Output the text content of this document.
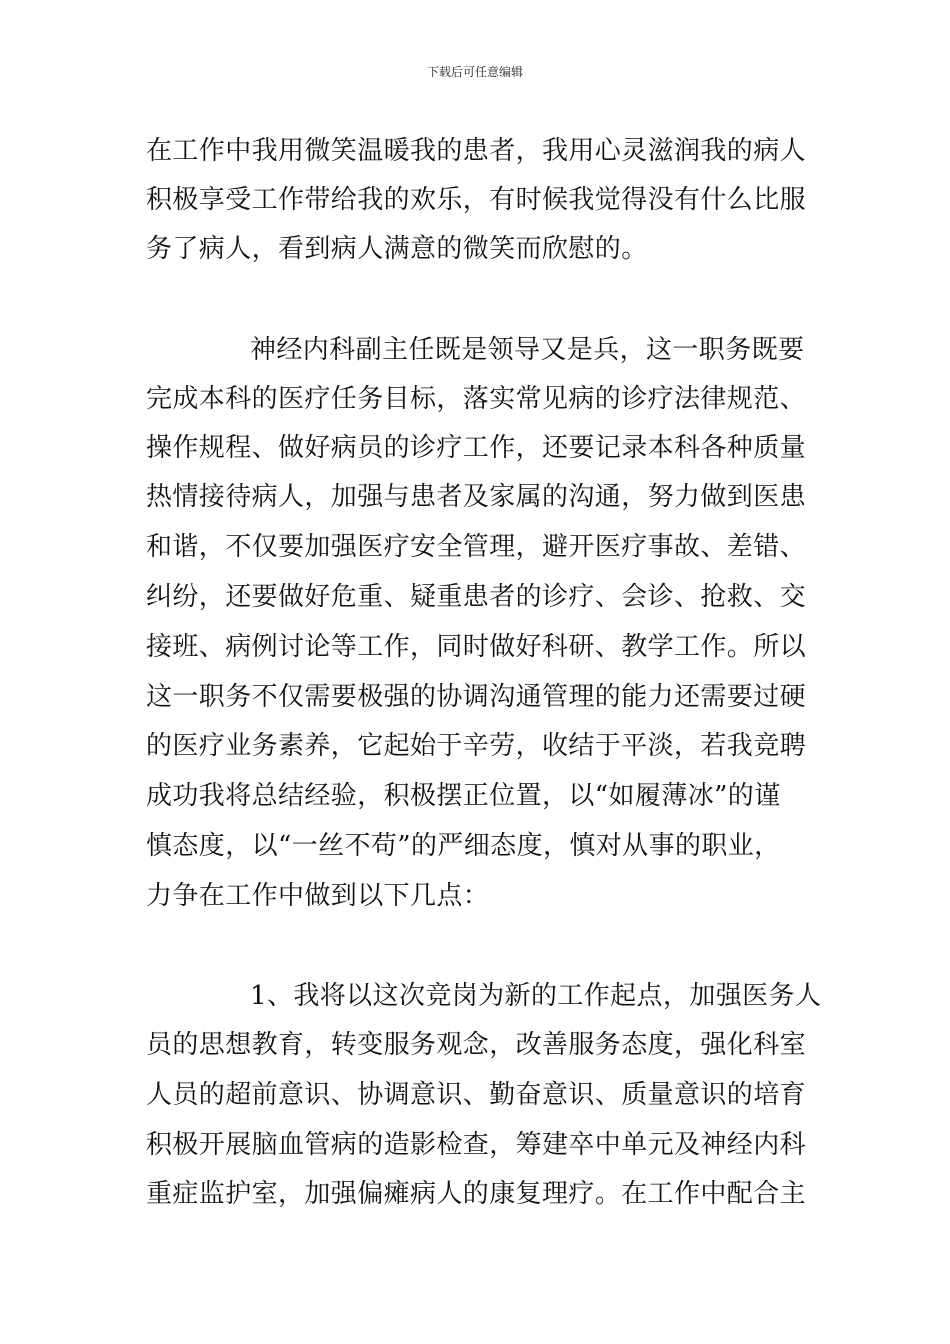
下载后可任意编辑
在工作中我用微笑温暖我的患者，我用心灵滋润我的病人
积极享受工作带给我的欢乐，有时候我觉得没有什么比服
务了病人，看到病人满意的微笑而欣慰的。
神经内科副主任既是领导又是兵，这一职务既要
完成本科的医疗任务目标，落实常见病的诊疗法律规范、
操作规程、做好病员的诊疗工作，还要记录本科各种质量
热情接待病人，加强与患者及家属的沟通，努力做到医患
和谐，不仅要加强医疗安全管理，避开医疗事故、差错、
纠纷，还要做好危重、疑重患者的诊疗、会诊、抢救、交
接班、病例讨论等工作，同时做好科研、教学工作。所以
这一职务不仅需要极强的协调沟通管理的能力还需要过硬
的医疗业务素养，它起始于辛劳，收结于平淡，若我竞聘
成功我将总结经验，积极摆正位置，以“如履薄冰”的谨
慎态度，以“一丝不苟”的严细态度，慎对从事的职业，
力争在工作中做到以下几点：
1、我将以这次竞岗为新的工作起点，加强医务人
员的思想教育，转变服务观念，改善服务态度，强化科室
人员的超前意识、协调意识、勤奋意识、质量意识的培育
积极开展脑血管病的造影检查，筹建卒中单元及神经内科
重症监护室，加强偏瘫病人的康复理疗。在工作中配合主
